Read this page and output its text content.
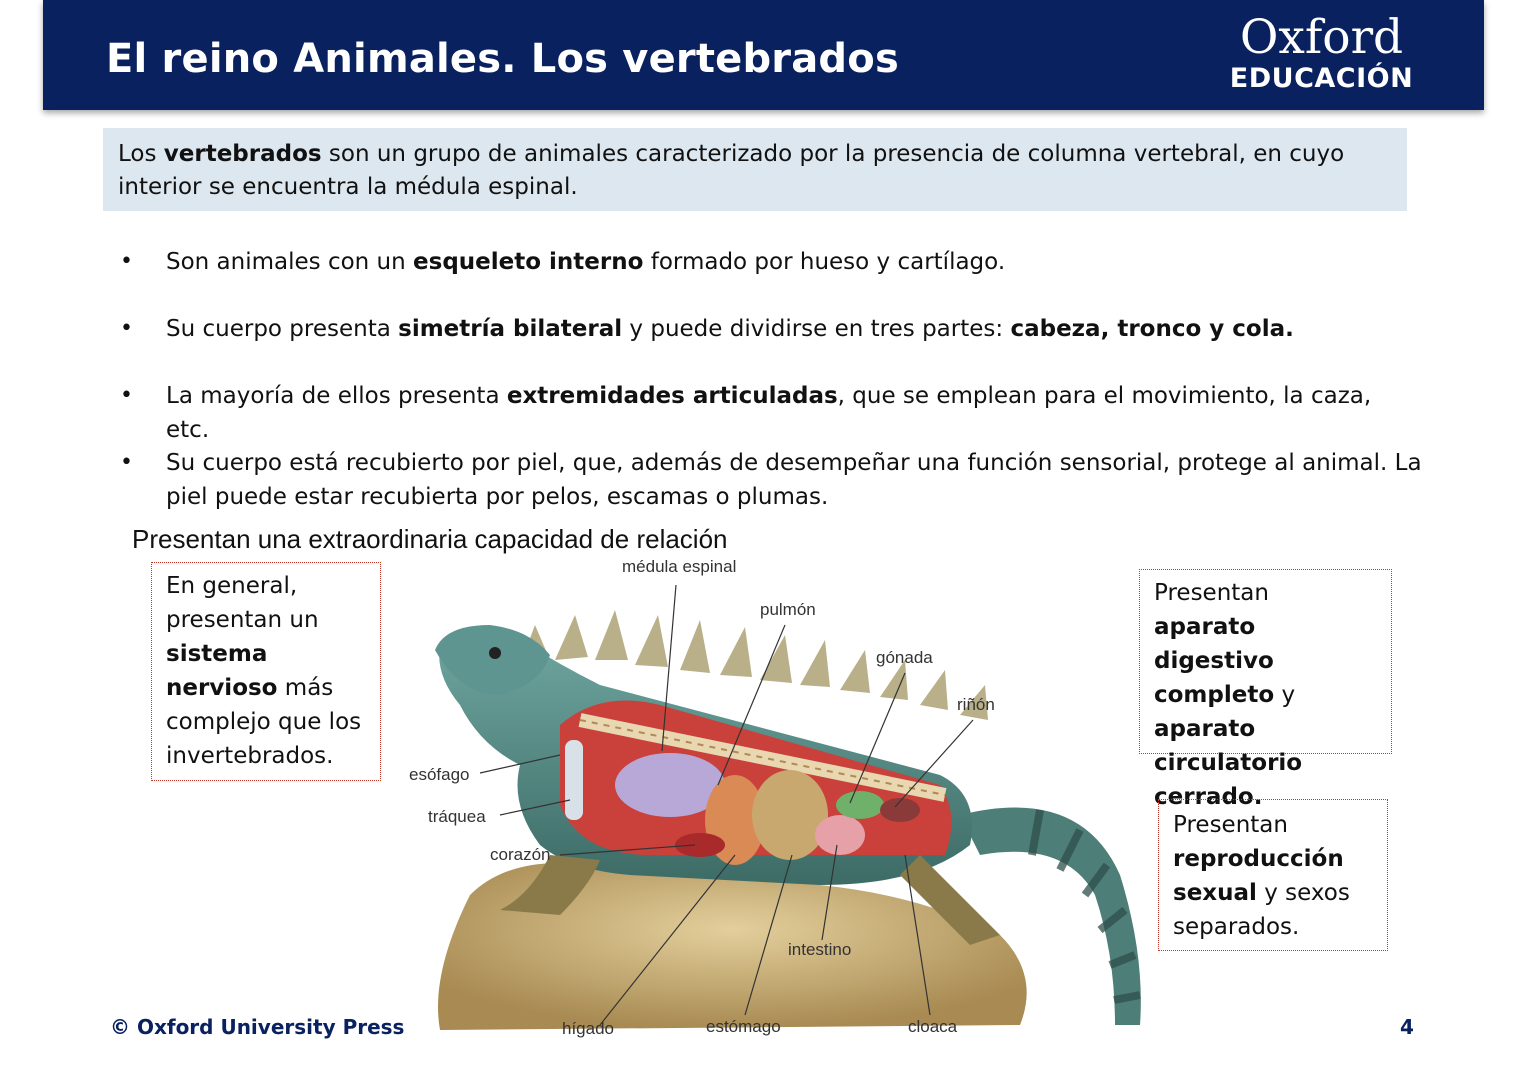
El reino Animales. Los vertebrados	Oxford
EDUCACIÓN
Los vertebrados son un grupo de animales caracterizado por la presencia de columna vertebral, en cuyo interior se encuentra la médula espinal.
• Son animales con un esqueleto interno formado por hueso y cartílago.
• Su cuerpo presenta simetría bilateral y puede dividirse en tres partes: cabeza, tronco y cola.
• La mayoría de ellos presenta extremidades articuladas, que se emplean para el movimiento, la caza, etc.
• Su cuerpo está recubierto por piel, que, además de desempeñar una función sensorial, protege al animal. La piel puede estar recubierta por pelos, escamas o plumas.
Presentan una extraordinaria capacidad de relación
En general, presentan un sistema nervioso más complejo que los invertebrados.
Presentan aparato digestivo completo y aparato circulatorio cerrado.
Presentan reproducción sexual y sexos separados.
médula espinal
pulmón
gónada
riñón
esófago
tráquea
corazón
intestino
hígado	estómago	cloaca
© Oxford University Press	4
